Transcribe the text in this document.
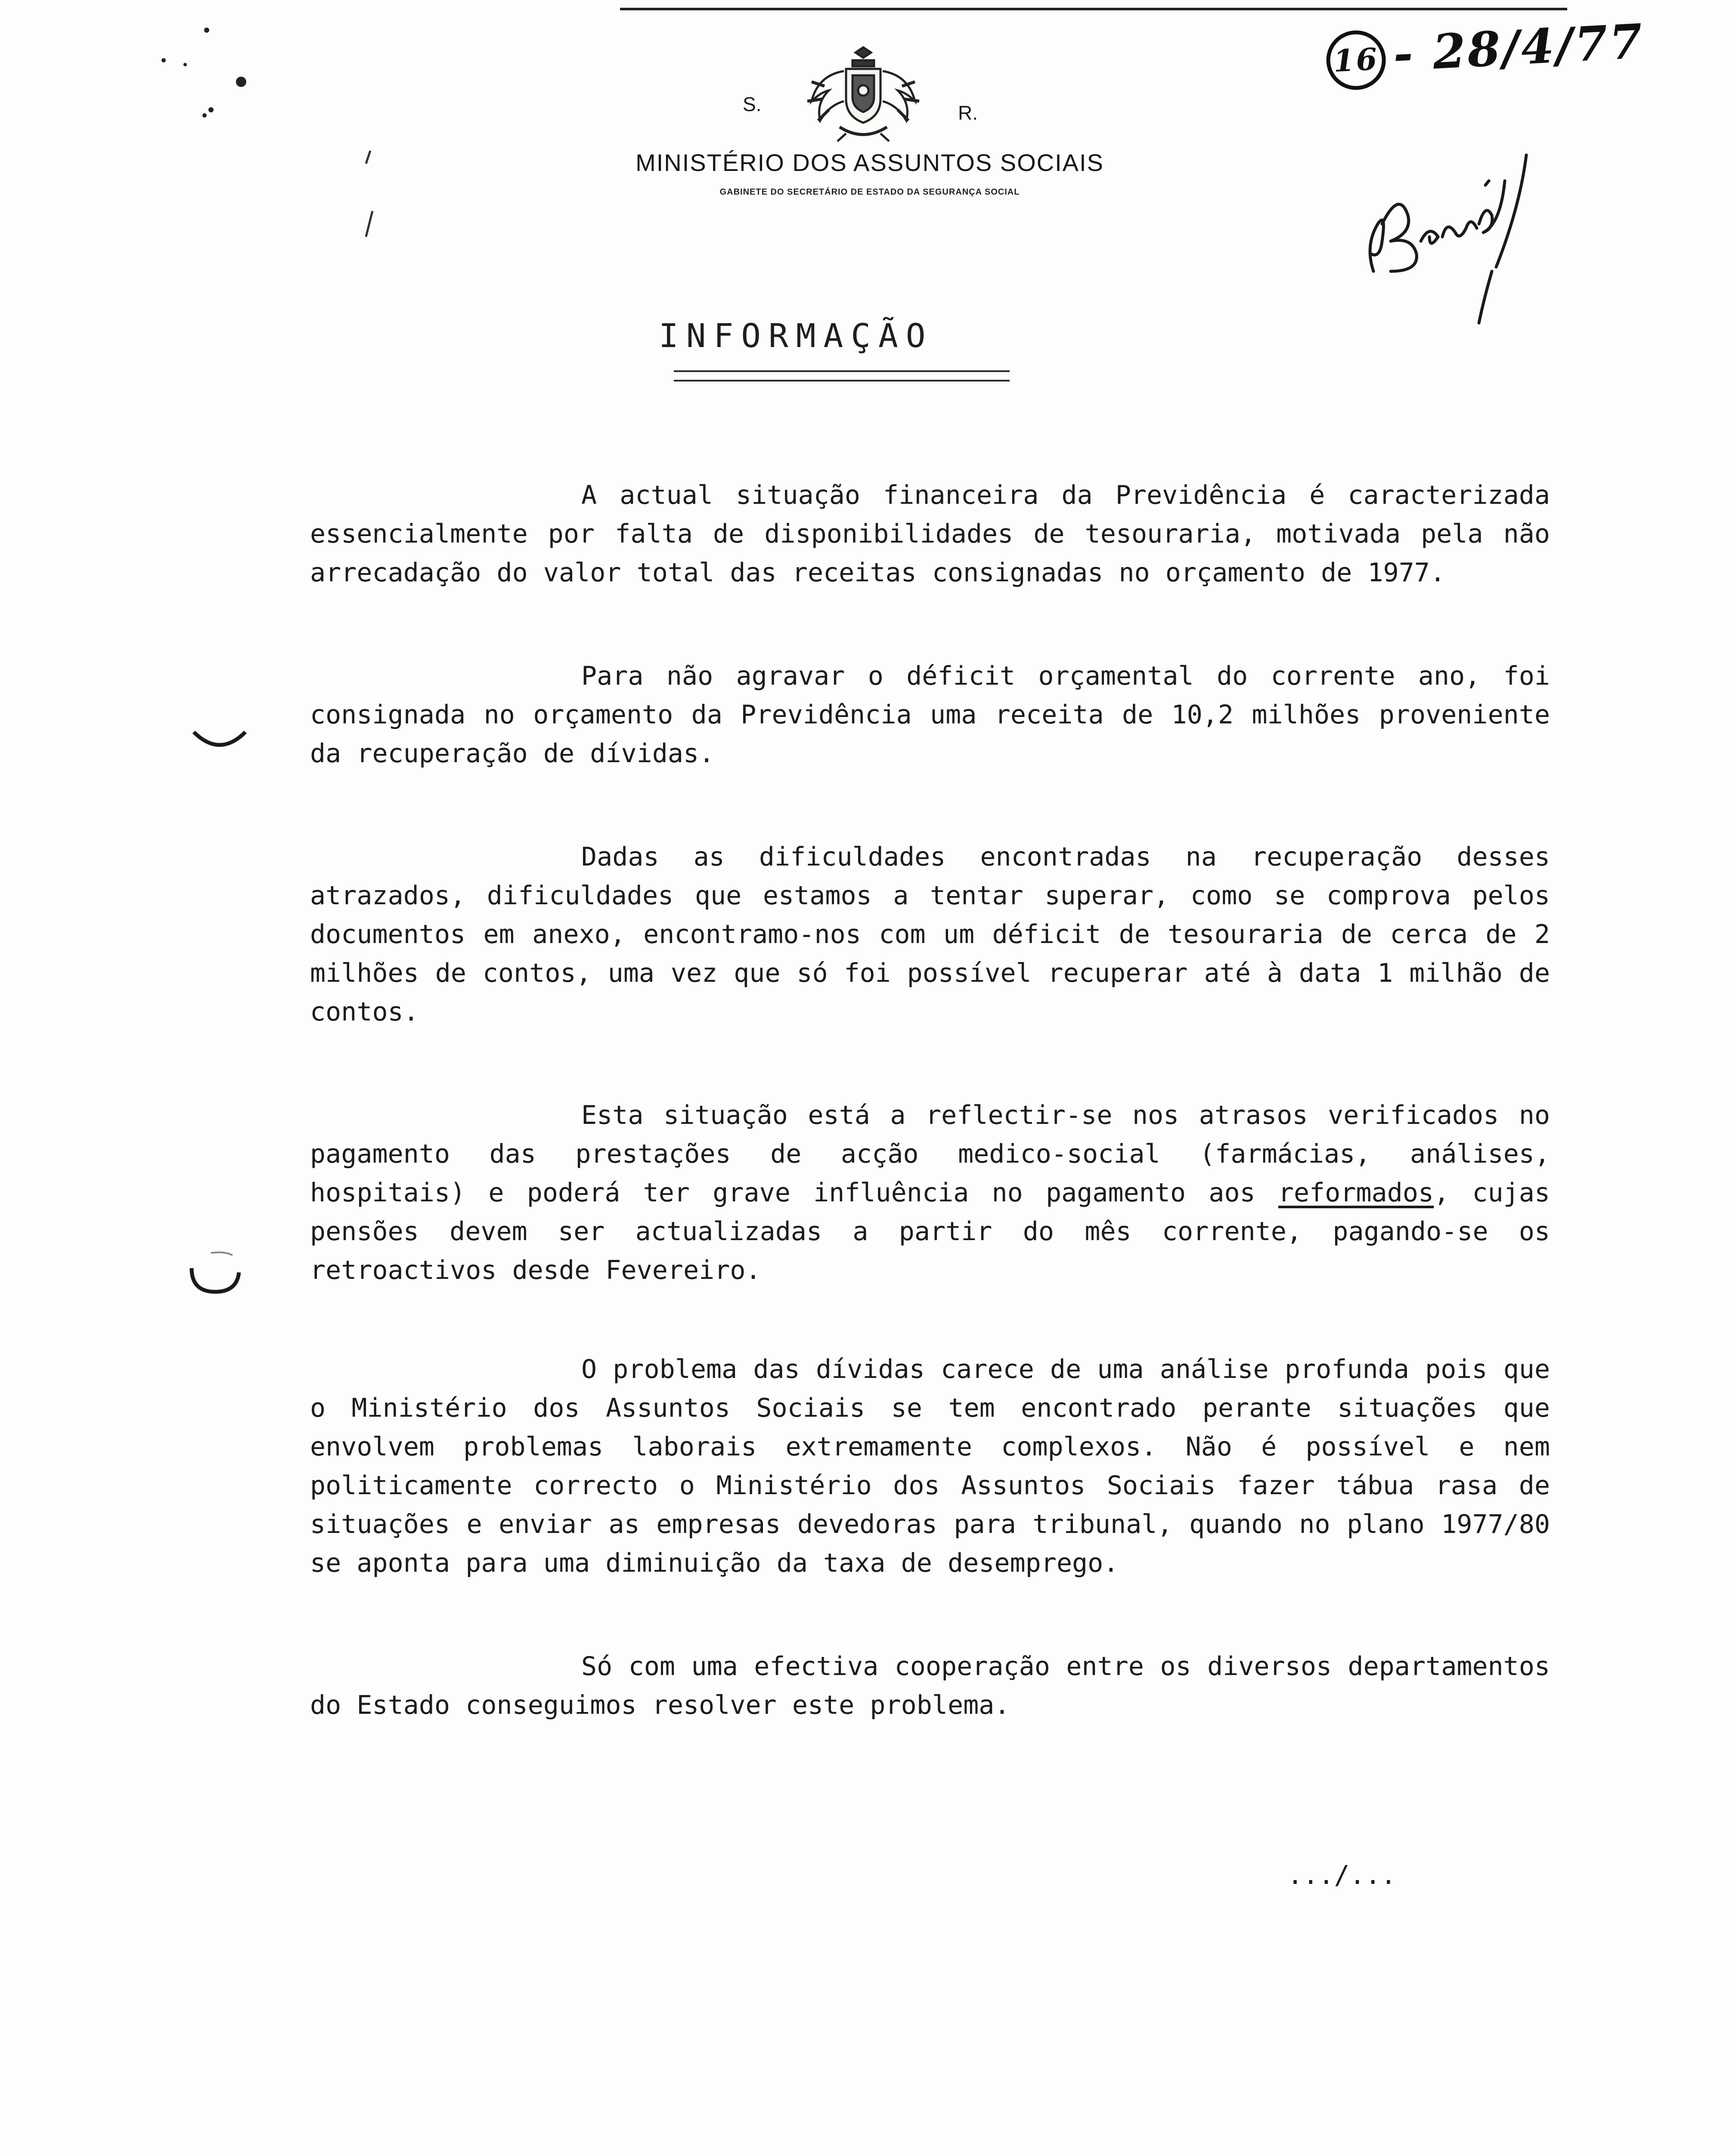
16 - 28/4/77
S.	R.
MINISTÉRIO DOS ASSUNTOS SOCIAIS
GABINETE DO SECRETÁRIO DE ESTADO DA SEGURANÇA SOCIAL
INFORMAÇÃO

A actual situação financeira da Previdência é caracterizada essencialmente por falta de disponibilidades de tesouraria, motivada pela não arrecadação do valor total das receitas consignadas no orçamento de 1977.

Para não agravar o déficit orçamental do corrente ano, foi consignada no orçamento da Previdência uma receita de 10,2 milhões proveniente da recuperação de dívidas.

Dadas as dificuldades encontradas na recuperação desses atrazados, dificuldades que estamos a tentar superar, como se comprova pelos documentos em anexo, encontramo-nos com um déficit de tesouraria de cerca de 2 milhões de contos, uma vez que só foi possível recuperar até à data 1 milhão de contos.

Esta situação está a reflectir-se nos atrasos verificados no pagamento das prestações de acção medico-social (farmácias, análises, hospitais) e poderá ter grave influência no pagamento aos reformados, cujas pensões devem ser actualizadas a partir do mês corrente, pagando-se os retroactivos desde Fevereiro.

O problema das dívidas carece de uma análise profunda pois que o Ministério dos Assuntos Sociais se tem encontrado perante situações que envolvem problemas laborais extremamente complexos. Não é possível e nem politicamente correcto o Ministério dos Assuntos Sociais fazer tábua rasa de situações e enviar as empresas devedoras para tribunal, quando no plano 1977/80 se aponta para uma diminuição da taxa de desemprego.

Só com uma efectiva cooperação entre os diversos departamentos do Estado conseguimos resolver este problema.

.../...
